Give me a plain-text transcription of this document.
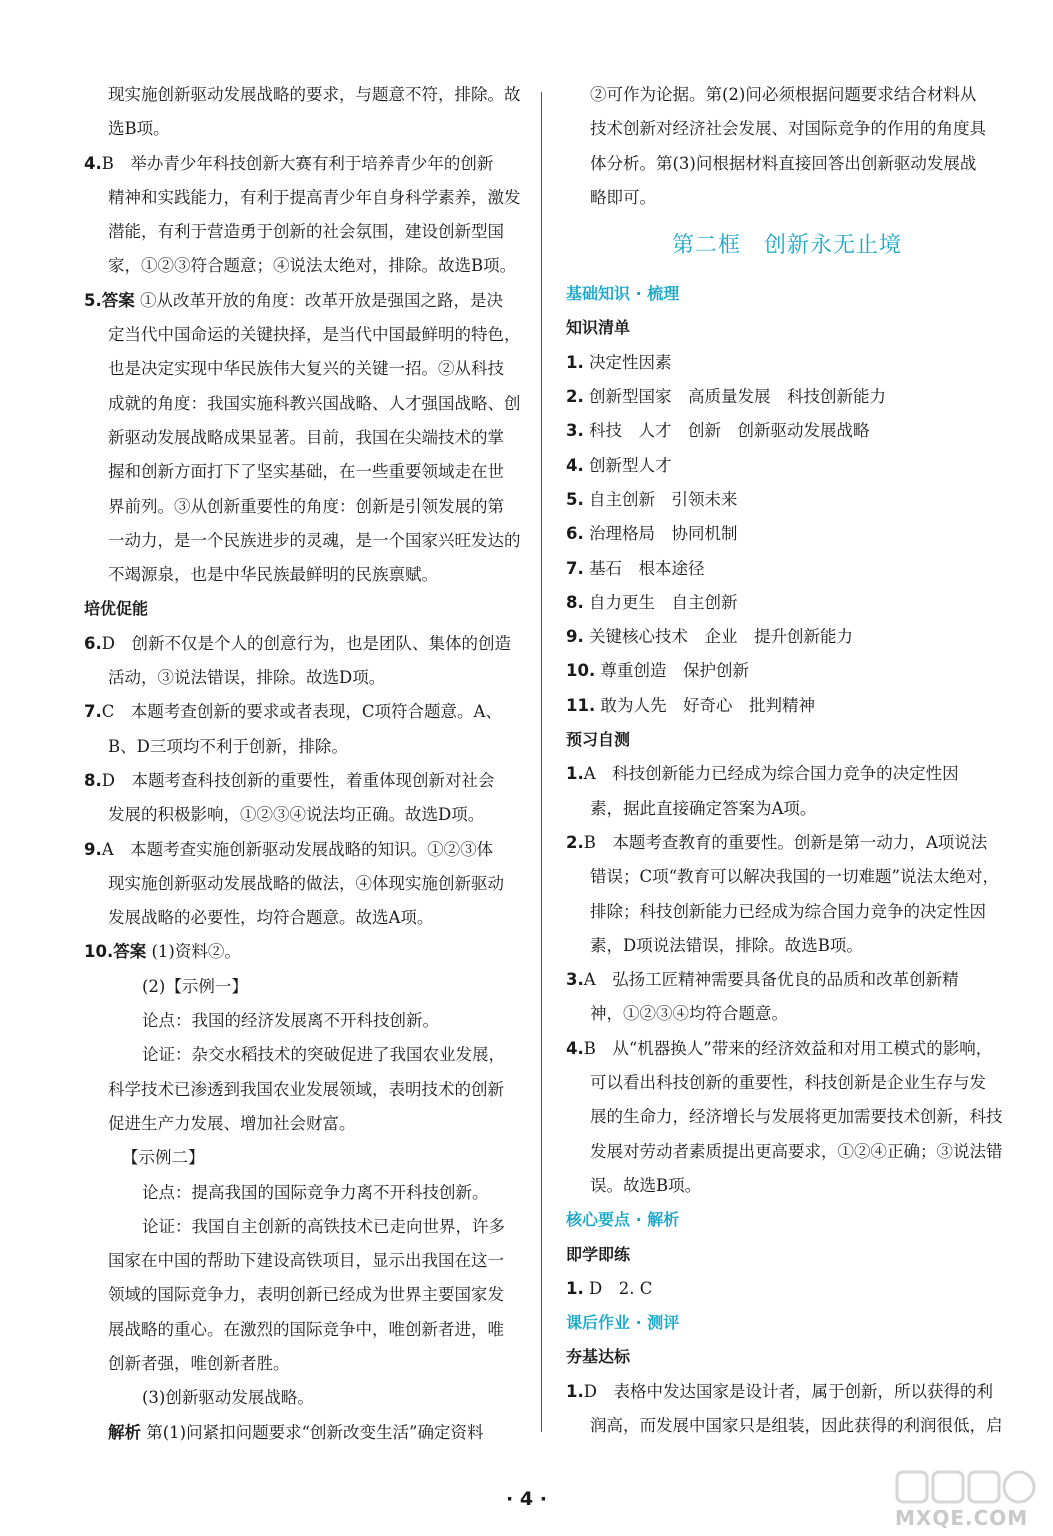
现实施创新驱动发展战略的要求，与题意不符，排除。故
选B项。
4.B　举办青少年科技创新大赛有利于培养青少年的创新
精神和实践能力，有利于提高青少年自身科学素养，激发
潜能，有利于营造勇于创新的社会氛围，建设创新型国
家，①②③符合题意；④说法太绝对，排除。故选B项。
5.答案 ①从改革开放的角度：改革开放是强国之路，是决
定当代中国命运的关键抉择，是当代中国最鲜明的特色，
也是决定实现中华民族伟大复兴的关键一招。②从科技
成就的角度：我国实施科教兴国战略、人才强国战略、创
新驱动发展战略成果显著。目前，我国在尖端技术的掌
握和创新方面打下了坚实基础，在一些重要领域走在世
界前列。③从创新重要性的角度：创新是引领发展的第
一动力，是一个民族进步的灵魂，是一个国家兴旺发达的
不竭源泉，也是中华民族最鲜明的民族禀赋。
培优促能
6.D　创新不仅是个人的创意行为，也是团队、集体的创造
活动，③说法错误，排除。故选D项。
7.C　本题考查创新的要求或者表现，C项符合题意。A、
B、D三项均不利于创新，排除。
8.D　本题考查科技创新的重要性，着重体现创新对社会
发展的积极影响，①②③④说法均正确。故选D项。
9.A　本题考查实施创新驱动发展战略的知识。①②③体
现实施创新驱动发展战略的做法，④体现实施创新驱动
发展战略的必要性，均符合题意。故选A项。
10.答案 (1)资料②。
(2)【示例一】
论点：我国的经济发展离不开科技创新。
论证：杂交水稻技术的突破促进了我国农业发展，
科学技术已渗透到我国农业发展领域，表明技术的创新
促进生产力发展、增加社会财富。
【示例二】
论点：提高我国的国际竞争力离不开科技创新。
论证：我国自主创新的高铁技术已走向世界，许多
国家在中国的帮助下建设高铁项目，显示出我国在这一
领域的国际竞争力，表明创新已经成为世界主要国家发
展战略的重心。在激烈的国际竞争中，唯创新者进，唯
创新者强，唯创新者胜。
(3)创新驱动发展战略。
解析 第(1)问紧扣问题要求“创新改变生活”确定资料
②可作为论据。第(2)问必须根据问题要求结合材料从
技术创新对经济社会发展、对国际竞争的作用的角度具
体分析。第(3)问根据材料直接回答出创新驱动发展战
略即可。
第二框　创新永无止境
基础知识 · 梳理
知识清单
1. 决定性因素
2. 创新型国家　高质量发展　科技创新能力
3. 科技　人才　创新　创新驱动发展战略
4. 创新型人才
5. 自主创新　引领未来
6. 治理格局　协同机制
7. 基石　根本途径
8. 自力更生　自主创新
9. 关键核心技术　企业　提升创新能力
10. 尊重创造　保护创新
11. 敢为人先　好奇心　批判精神
预习自测
1.A　科技创新能力已经成为综合国力竞争的决定性因
素，据此直接确定答案为A项。
2.B　本题考查教育的重要性。创新是第一动力，A项说法
错误；C项“教育可以解决我国的一切难题”说法太绝对，
排除；科技创新能力已经成为综合国力竞争的决定性因
素，D项说法错误，排除。故选B项。
3.A　弘扬工匠精神需要具备优良的品质和改革创新精
神，①②③④均符合题意。
4.B　从“机器换人”带来的经济效益和对用工模式的影响，
可以看出科技创新的重要性，科技创新是企业生存与发
展的生命力，经济增长与发展将更加需要技术创新，科技
发展对劳动者素质提出更高要求，①②④正确；③说法错
误。故选B项。
核心要点 · 解析
即学即练
1. D　2. C
课后作业 · 测评
夯基达标
1.D　表格中发达国家是设计者，属于创新，所以获得的利
润高，而发展中国家只是组装，因此获得的利润很低，启
· 4 ·
MXQE.COM
